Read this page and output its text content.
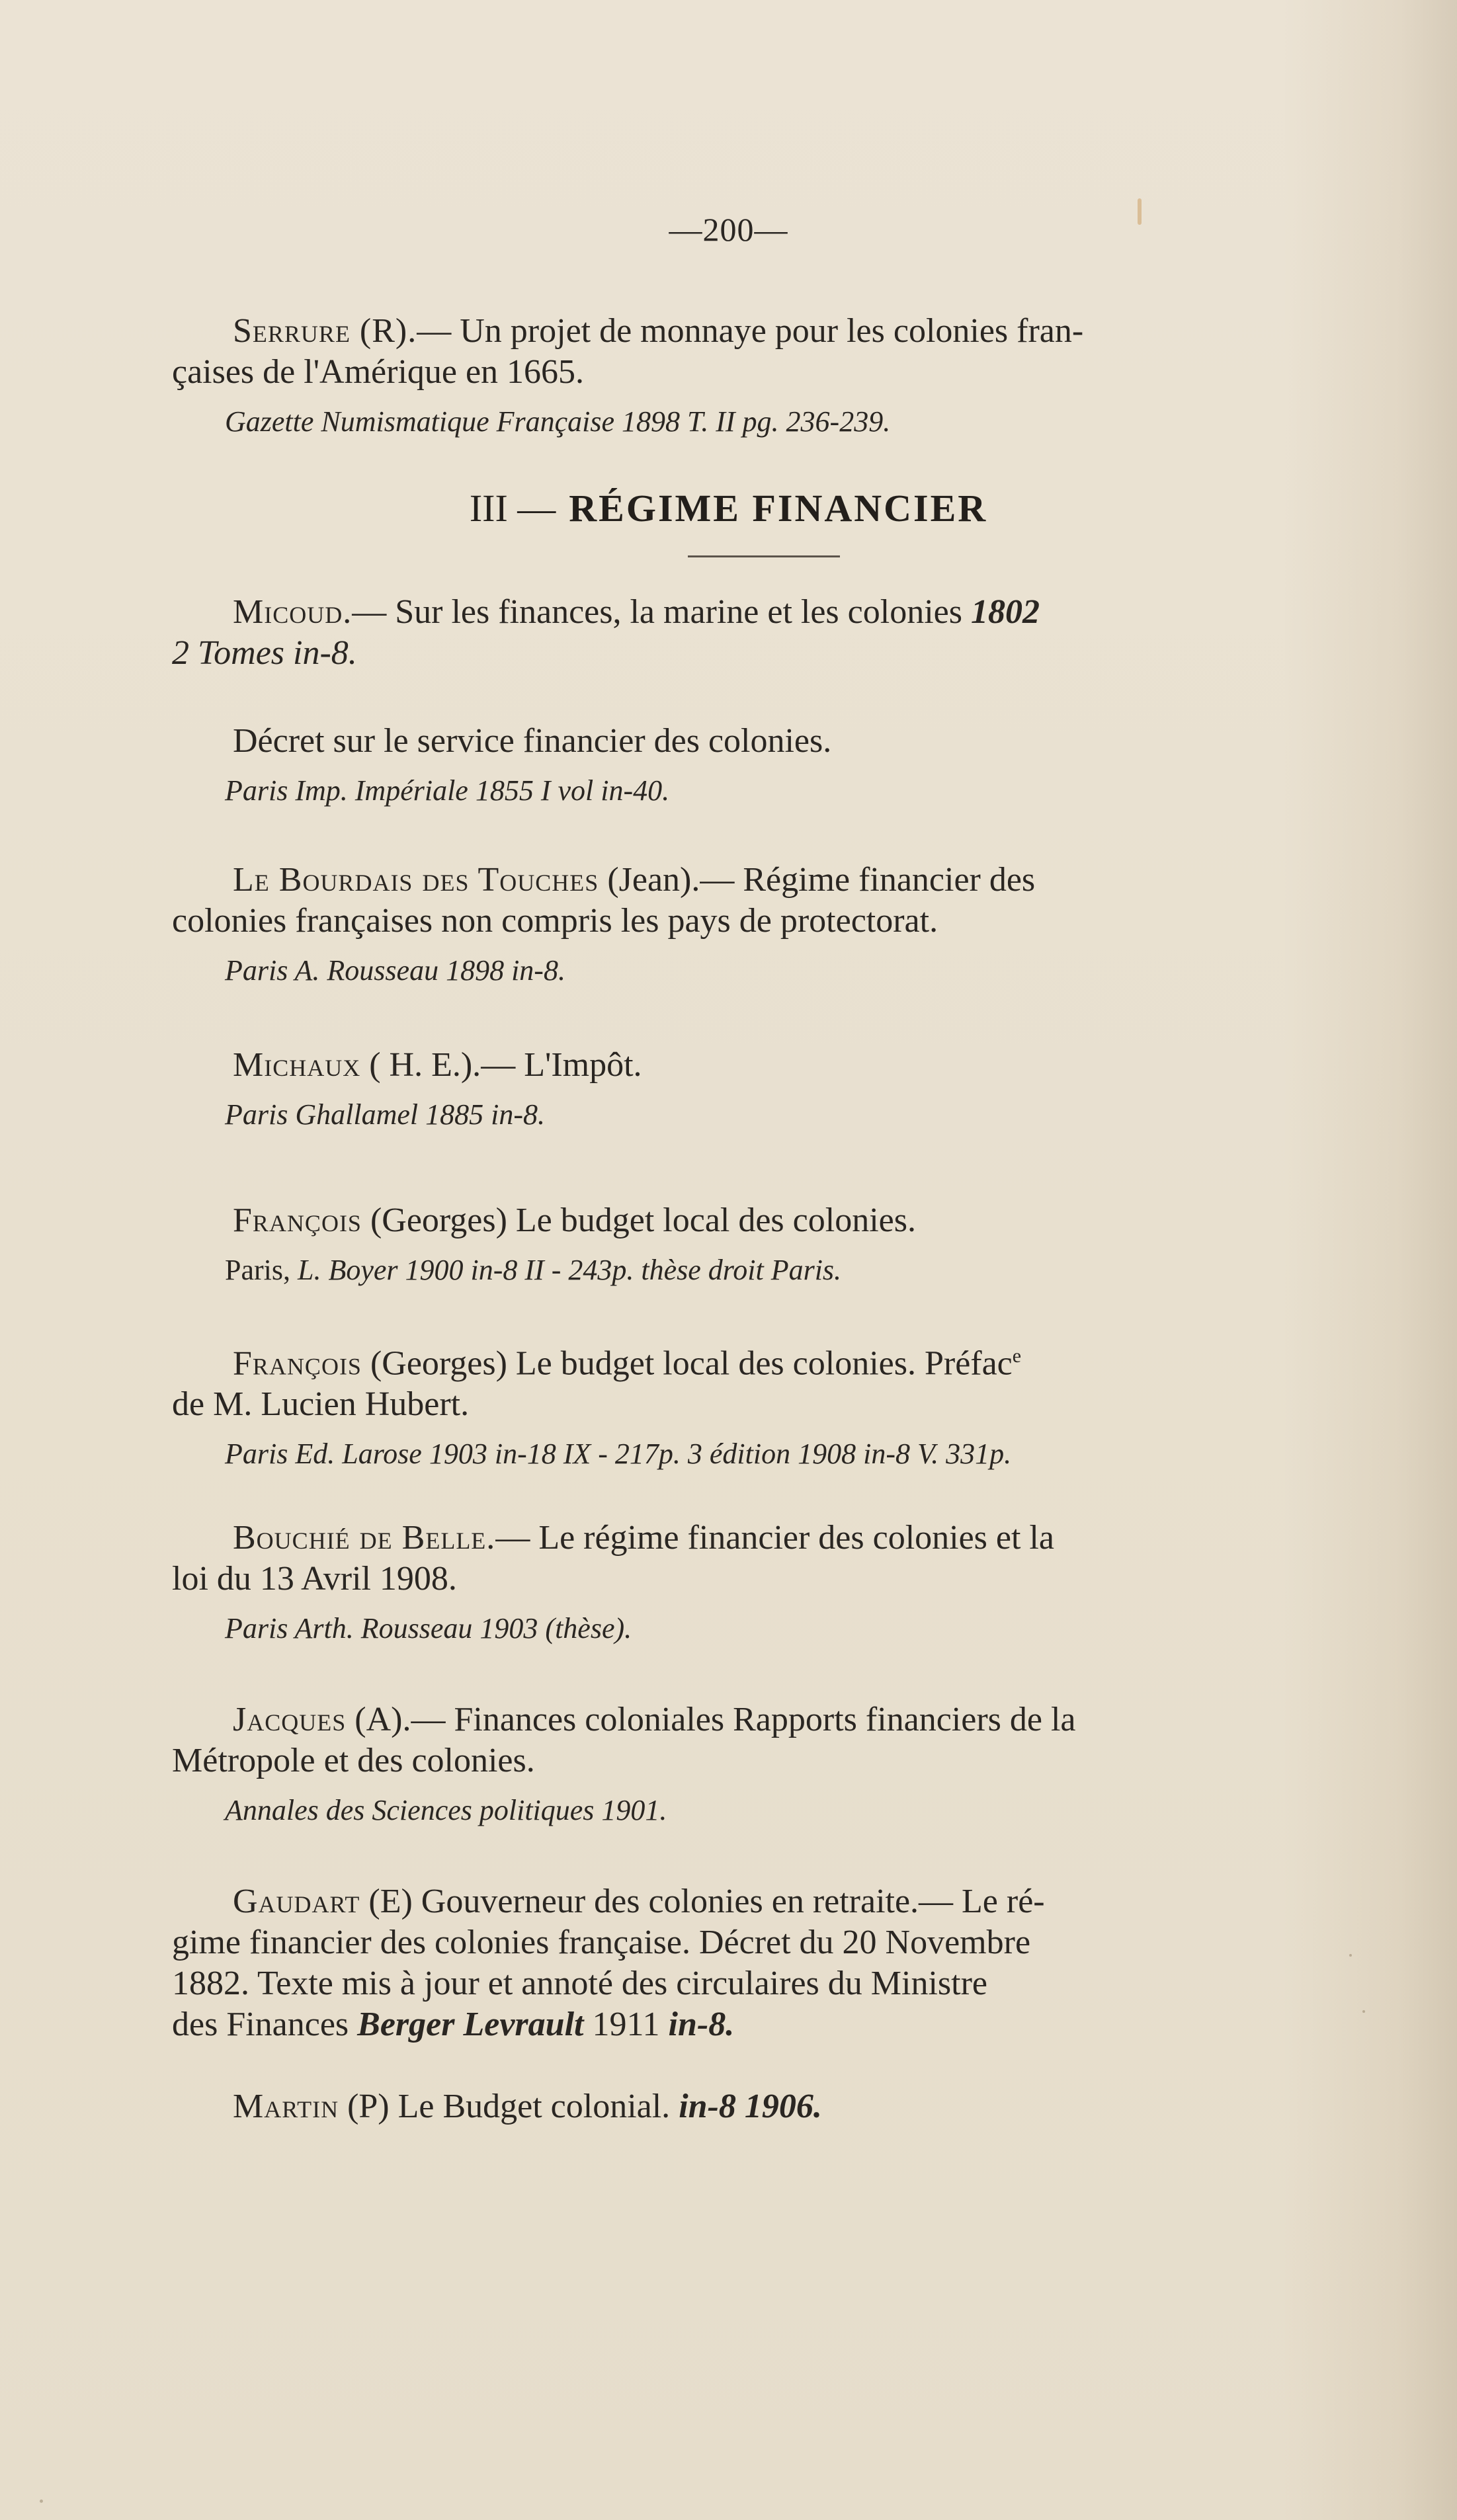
—200—
Serrure (R).— Un projet de monnaye pour les colonies fran-
çaises de l'Amérique en 1665.
Gazette Numismatique Française 1898 T. II pg. 236-239.
III — RÉGIME FINANCIER
Micoud.— Sur les finances, la marine et les colonies 1802
2 Tomes in-8.
Décret sur le service financier des colonies.
Paris Imp. Impériale 1855 I vol in-40.
Le Bourdais des Touches (Jean).— Régime financier des
colonies françaises non compris les pays de protectorat.
Paris A. Rousseau 1898 in-8.
Michaux ( H. E.).— L'Impôt.
Paris Ghallamel 1885 in-8.
François (Georges) Le budget local des colonies.
Paris, L. Boyer 1900 in-8 II - 243p. thèse droit Paris.
François (Georges) Le budget local des colonies. Préfac$^e$
de M. Lucien Hubert.
Paris Ed. Larose 1903 in-18 IX - 217p. 3 édition 1908 in-8 V. 331p.
Bouchié de Belle.— Le régime financier des colonies et la
loi du 13 Avril 1908.
Paris Arth. Rousseau 1903 (thèse).
Jacques (A).— Finances coloniales Rapports financiers de la
Métropole et des colonies.
Annales des Sciences politiques 1901.
Gaudart (E) Gouverneur des colonies en retraite.— Le ré-
gime financier des colonies française. Décret du 20 Novembre
1882. Texte mis à jour et annoté des circulaires du Ministre
des Finances Berger Levrault 1911 in-8.
Martin (P) Le Budget colonial. in-8 1906.
